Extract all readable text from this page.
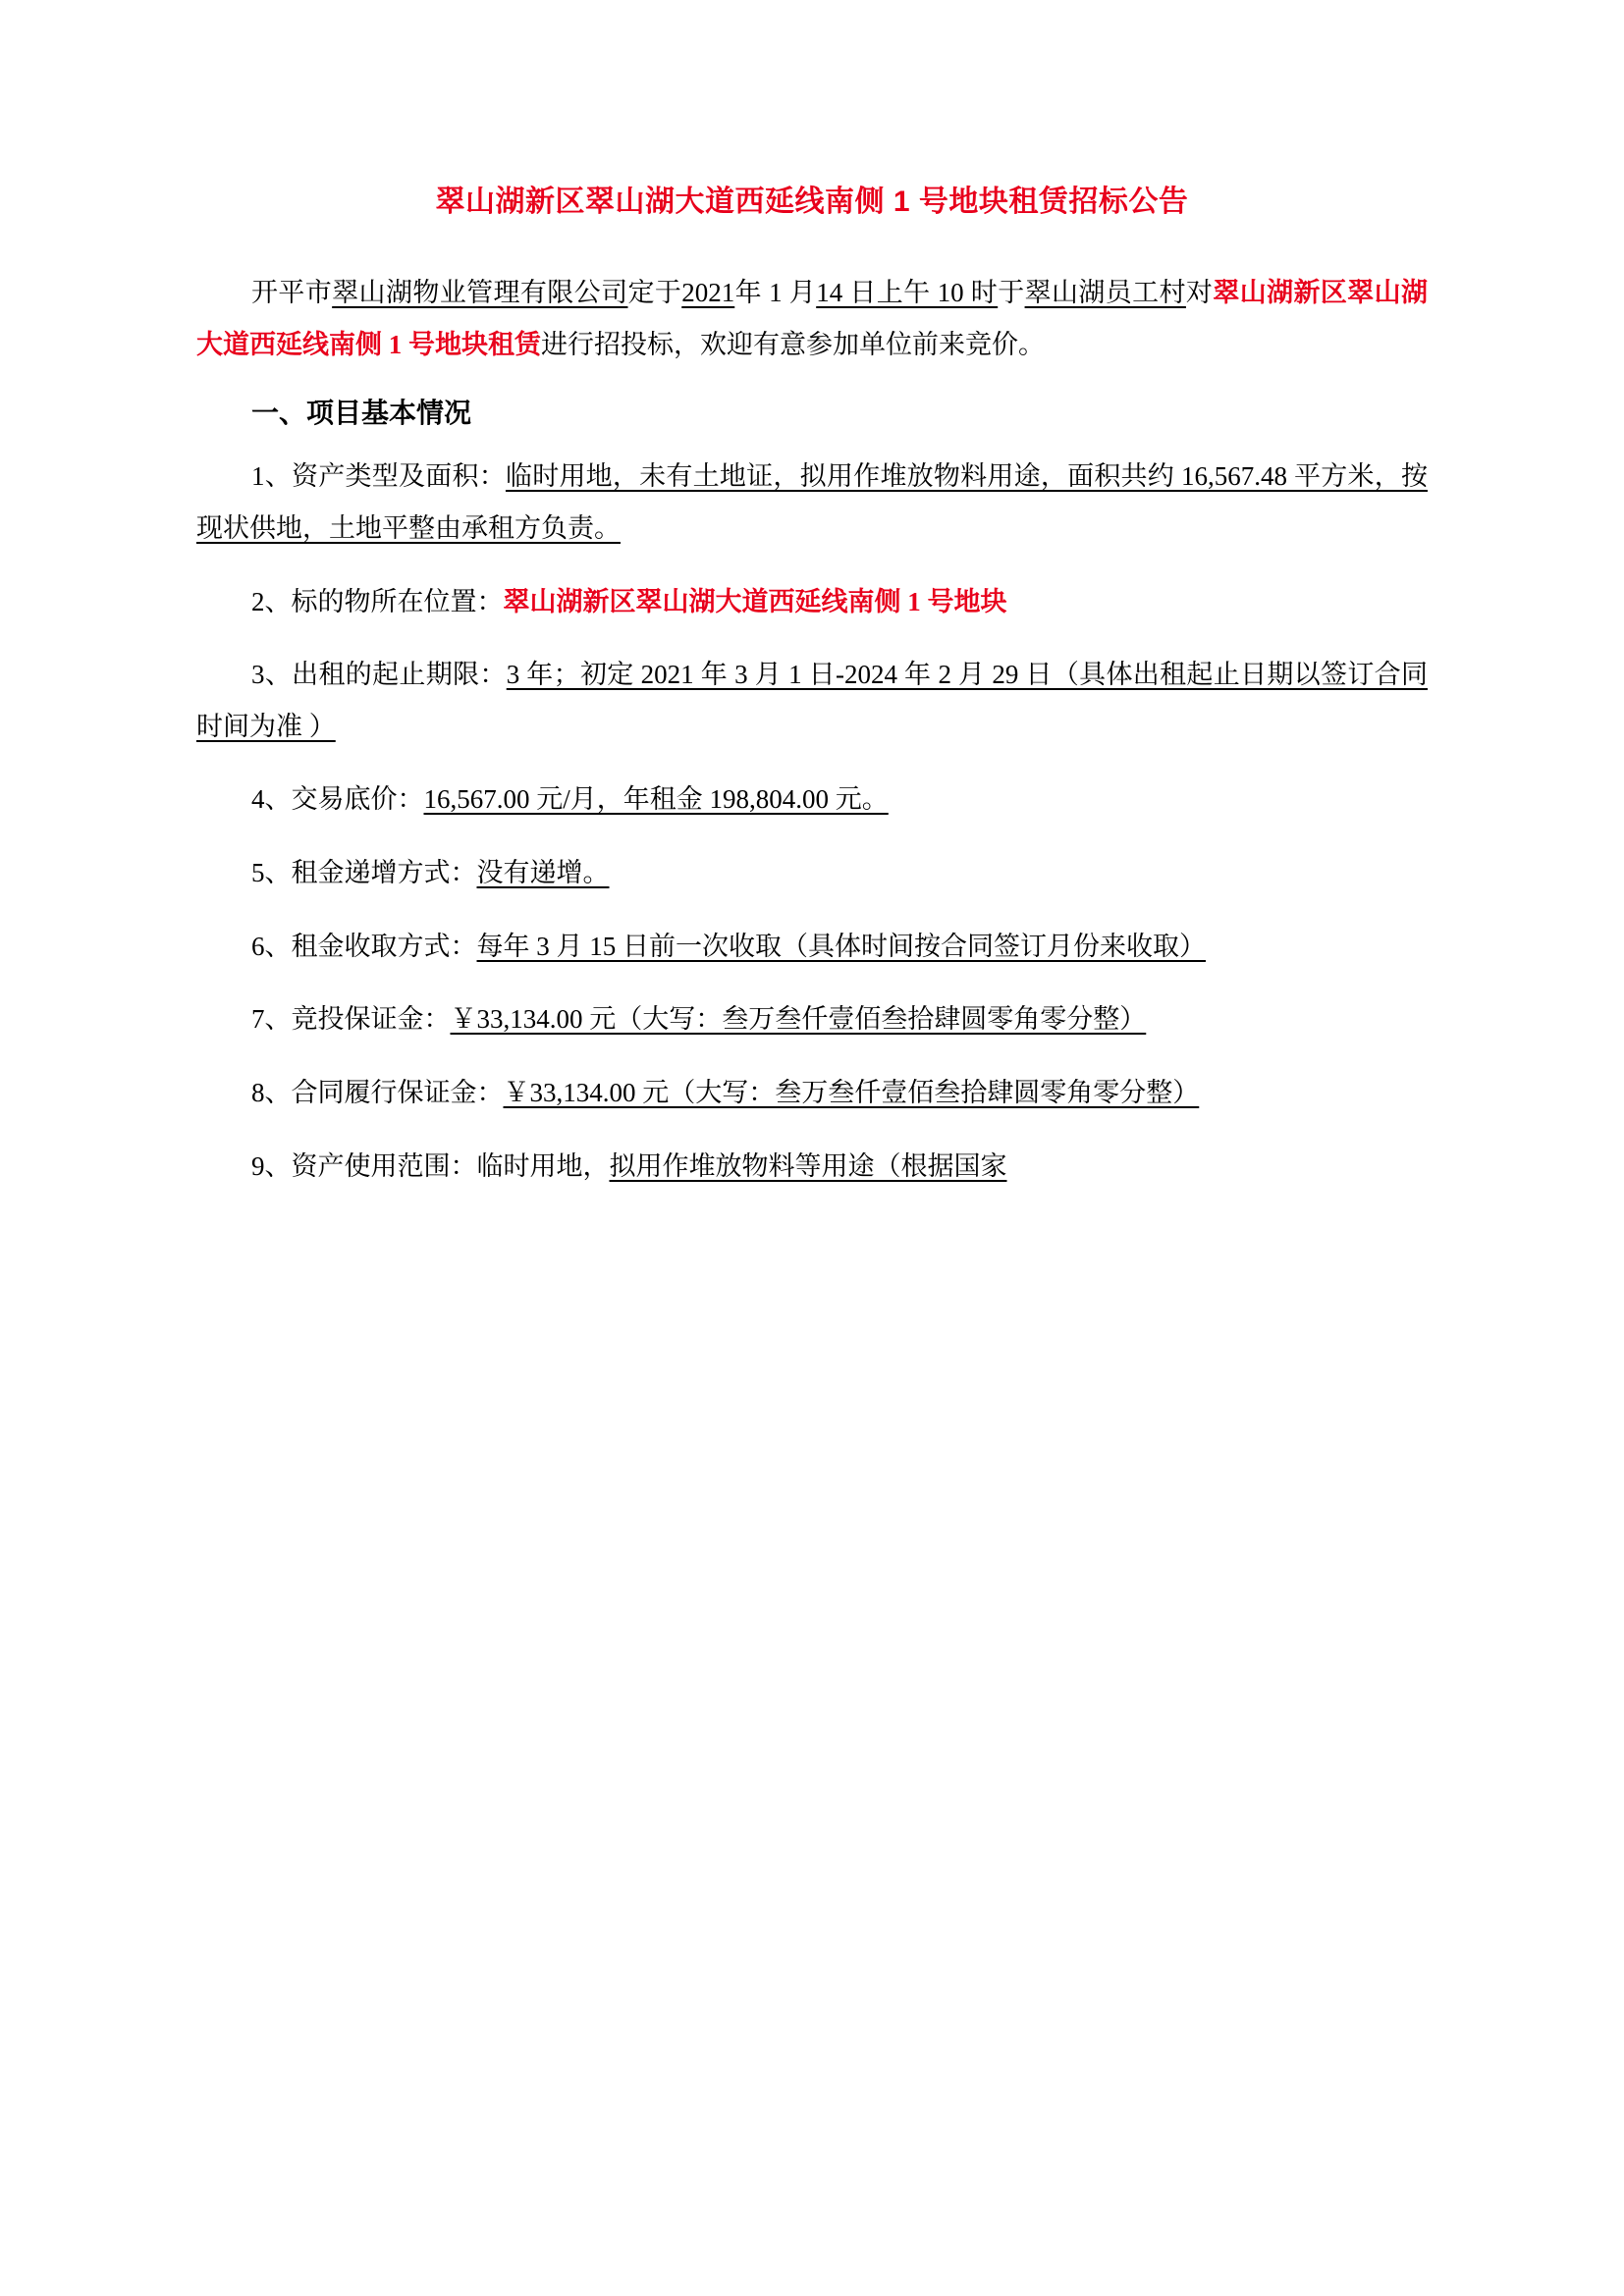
翠山湖新区翠山湖大道西延线南侧 1 号地块租赁招标公告

开平市翠山湖物业管理有限公司定于2021年 1 月14 日上午 10 时于翠山湖员工村对翠山湖新区翠山湖大道西延线南侧 1 号地块租赁进行招投标，欢迎有意参加单位前来竞价。

一、项目基本情况

1、资产类型及面积：临时用地，未有土地证，拟用作堆放物料用途，面积共约 16,567.48 平方米，按现状供地，土地平整由承租方负责。

2、标的物所在位置：翠山湖新区翠山湖大道西延线南侧 1 号地块

3、出租的起止期限：3 年；初定 2021 年 3 月 1 日-2024 年 2 月 29 日（具体出租起止日期以签订合同时间为准 ）

4、交易底价：16,567.00 元/月，年租金 198,804.00 元。

5、租金递增方式：没有递增。

6、租金收取方式：每年 3 月 15 日前一次收取（具体时间按合同签订月份来收取）

7、竞投保证金：￥33,134.00 元（大写：叁万叁仟壹佰叁拾肆圆零角零分整）

8、合同履行保证金：￥33,134.00 元（大写：叁万叁仟壹佰叁拾肆圆零角零分整）

9、资产使用范围：临时用地，拟用作堆放物料等用途（根据国家
